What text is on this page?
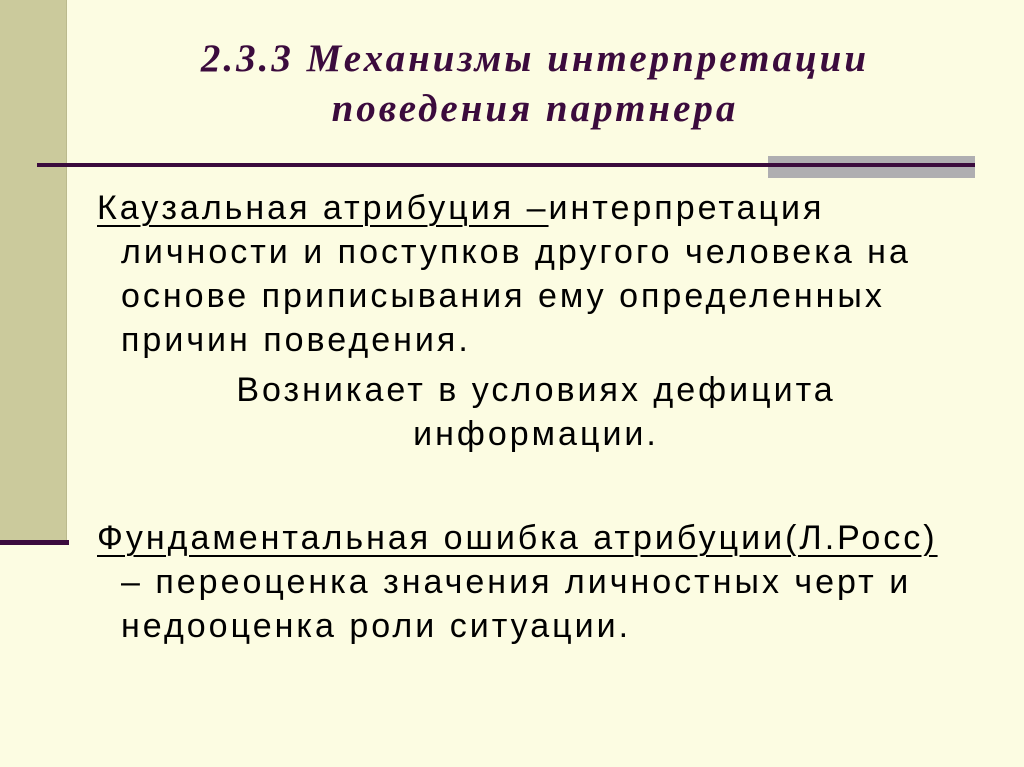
2.3.3 Механизмы интерпретации
поведения партнера
Каузальная атрибуция –интерпретация
личности и поступков другого человека на
основе приписывания ему определенных
причин поведения.
Возникает в условиях дефицита
информации.
Фундаментальная ошибка атрибуции(Л.Росс)
– переоценка значения личностных черт и
недооценка роли ситуации.
